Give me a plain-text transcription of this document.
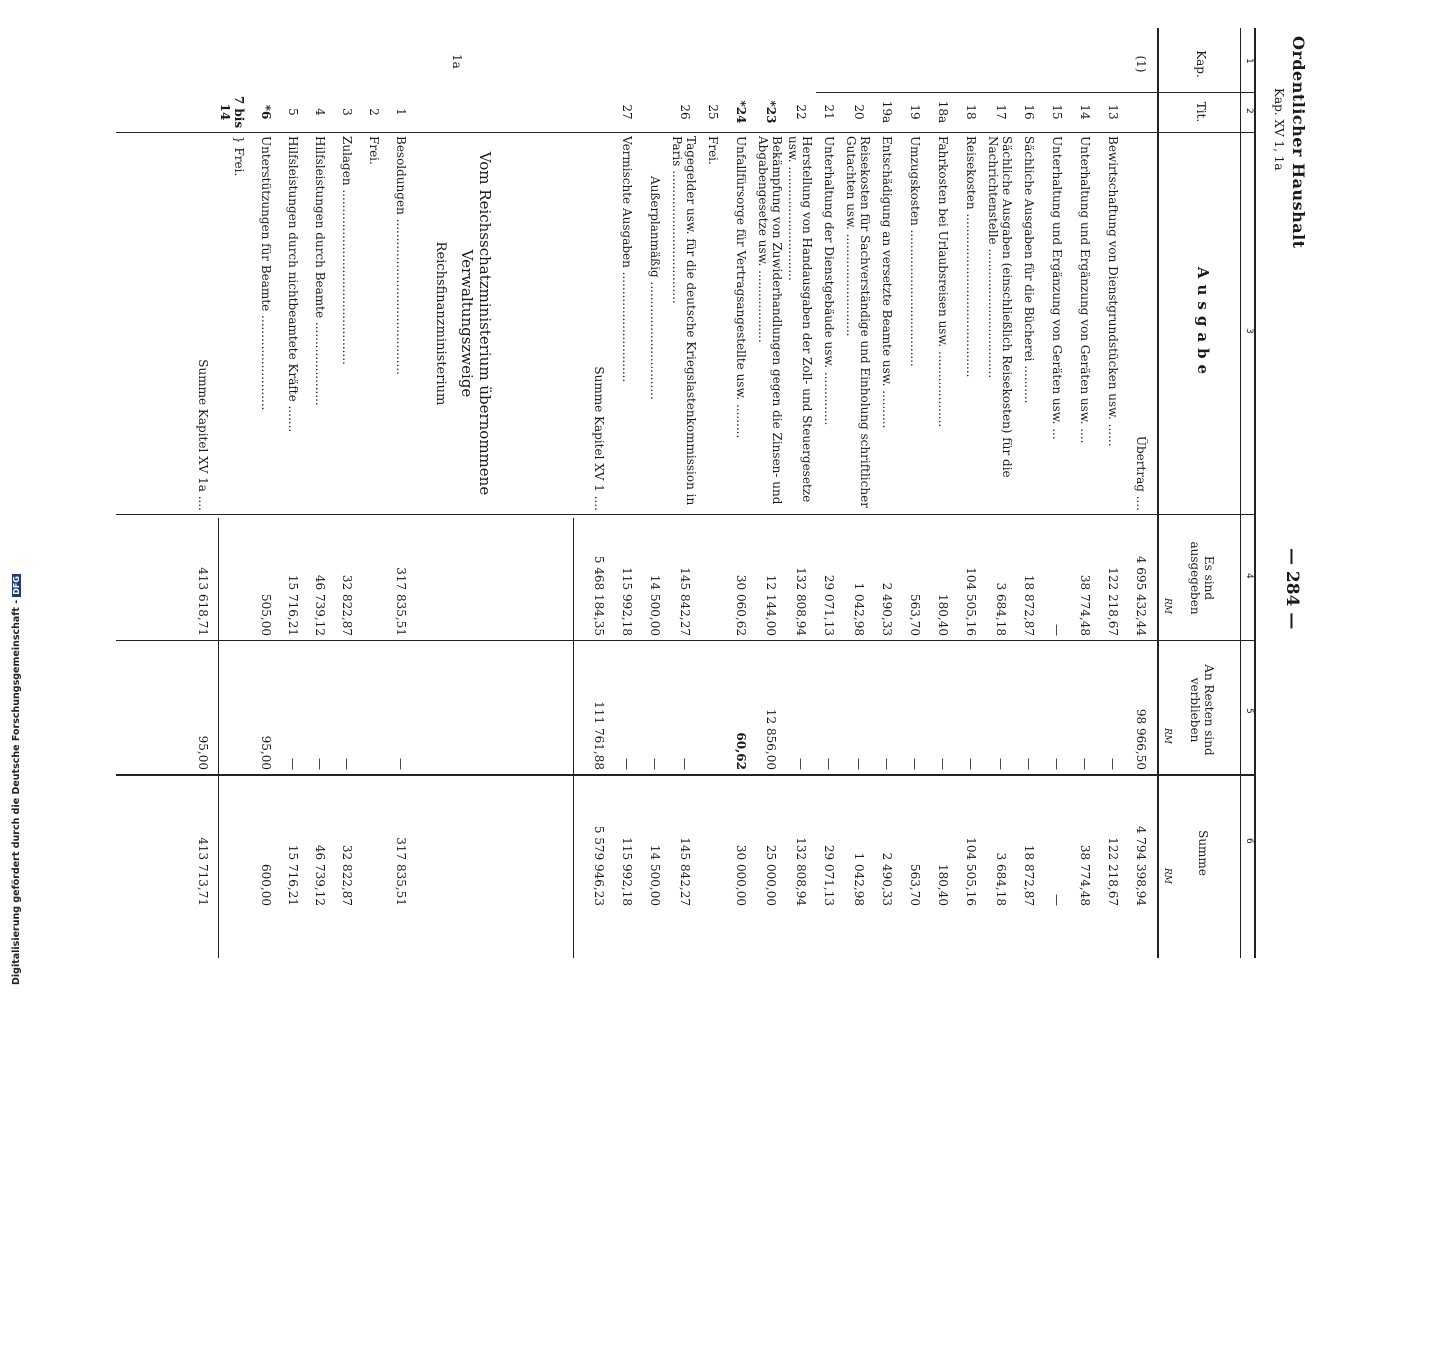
Digitalisierung gefördert durch die Deutsche Forschungsgemeinschaft -DFG
Ordentlicher Haushalt
Kap. XV 1, 1a
— 284 —
1
2
3
4
5
6
Kap.
Tit.
Ausgabe
Es sind ausgegeben
An Resten sind verblieben
Summe
RM
RM
RM
(1)
Übertrag ....
4 695 432,44
98 966,50
4 794 398,94
13
Bewirtschaftung von Dienstgrundstücken usw. ......
122 218,67
—
122 218,67
14
Unterhaltung und Ergänzung von Geräten usw. ....
38 774,48
—
38 774,48
15
Unterhaltung und Ergänzung von Geräten usw. ...
—
—
—
16
Sächliche Ausgaben für die Bücherei ..........
18 872,87
—
18 872,87
17
Sächliche Ausgaben (einschließlich Reisekosten) für die Nachrichtenstelle ..................................
3 684,18
—
3 684,18
18
Reisekosten ...........................................
104 505,16
—
104 505,16
18a
Fahrkosten bei Urlaubsreisen usw. ....................
180,40
—
180,40
19
Umzugskosten ....................................
563,70
—
563,70
19a
Entschädigung an versetzte Beamte usw. ..........
2 490,33
—
2 490,33
20
Reisekosten für Sachverständige und Einholung schriftlicher Gutachten usw. ...........................
1 042,98
—
1 042,98
21
Unterhaltung der Dienstgebäude usw. ..............
29 071,13
—
29 071,13
22
Herstellung von Handausgaben der Zoll- und Steuergesetze usw. ..............................
132 808,94
—
132 808,94
*23
Bekämpfung von Zuwiderhandlungen gegen die Zinsen- und Abgabengesetze usw. ...................
12 144,00
12 856,00
25 000,00
*24
Unfallfürsorge für Vertragsangestellte usw. .........
30 060,62
60,62
30 000,00
25
Frei.
26
Tagegelder usw. für die deutsche Kriegslastenkommission in Paris ...................................
145 842,27
—
145 842,27
Außerplanmäßig ...............................
14 500,00
—
14 500,00
27
Vermischte Ausgaben .............................
115 992,18
—
115 992,18
Summe Kapitel XV 1 ....
5 468 184,35
111 761,88
5 579 946,23
Vom Reichsschatzministerium übernommene
Verwaltungszweige
Reichsfinanzministerium
1a
1
Besoldungen .........................................
317 835,51
—
317 835,51
2
Frei.
3
Zulagen ..............................................
32 822,87
—
32 822,87
4
Hilfsleistungen durch Beamte ......................
46 739,12
—
46 739,12
5
Hilfsleistungen durch nichtbeamtete Kräfte .......
15 716,21
—
15 716,21
*6
Unterstützungen für Beamte .........................
505,00
95,00
600,00
7 bis 14
} Frei.
Summe Kapitel XV 1a ....
413 618,71
95,00
413 713,71
